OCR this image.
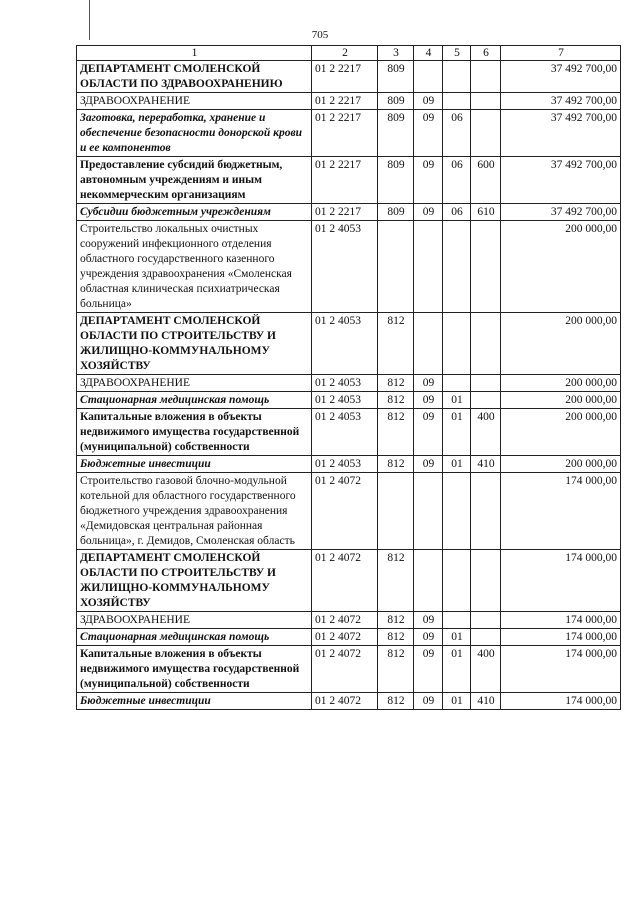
705
1	2	3	4	5	6	7
ДЕПАРТАМЕНТ СМОЛЕНСКОЙ ОБЛАСТИ ПО ЗДРАВООХРАНЕНИЮ	01 2 2217	809				37 492 700,00
ЗДРАВООХРАНЕНИЕ	01 2 2217	809	09			37 492 700,00
Заготовка, переработка, хранение и обеспечение безопасности донорской крови и ее компонентов	01 2 2217	809	09	06		37 492 700,00
Предоставление субсидий бюджетным, автономным учреждениям и иным некоммерческим организациям	01 2 2217	809	09	06	600	37 492 700,00
Субсидии бюджетным учреждениям	01 2 2217	809	09	06	610	37 492 700,00
Строительство локальных очистных сооружений инфекционного отделения областного государственного казенного учреждения здравоохранения «Смоленская областная клиническая психиатрическая больница»	01 2 4053					200 000,00
ДЕПАРТАМЕНТ СМОЛЕНСКОЙ ОБЛАСТИ ПО СТРОИТЕЛЬСТВУ И ЖИЛИЩНО-КОММУНАЛЬНОМУ ХОЗЯЙСТВУ	01 2 4053	812				200 000,00
ЗДРАВООХРАНЕНИЕ	01 2 4053	812	09			200 000,00
Стационарная медицинская помощь	01 2 4053	812	09	01		200 000,00
Капитальные вложения в объекты недвижимого имущества государственной (муниципальной) собственности	01 2 4053	812	09	01	400	200 000,00
Бюджетные инвестиции	01 2 4053	812	09	01	410	200 000,00
Строительство газовой блочно-модульной котельной для областного государственного бюджетного учреждения здравоохранения «Демидовская центральная районная больница», г. Демидов, Смоленская область	01 2 4072					174 000,00
ДЕПАРТАМЕНТ СМОЛЕНСКОЙ ОБЛАСТИ ПО СТРОИТЕЛЬСТВУ И ЖИЛИЩНО-КОММУНАЛЬНОМУ ХОЗЯЙСТВУ	01 2 4072	812				174 000,00
ЗДРАВООХРАНЕНИЕ	01 2 4072	812	09			174 000,00
Стационарная медицинская помощь	01 2 4072	812	09	01		174 000,00
Капитальные вложения в объекты недвижимого имущества государственной (муниципальной) собственности	01 2 4072	812	09	01	400	174 000,00
Бюджетные инвестиции	01 2 4072	812	09	01	410	174 000,00
